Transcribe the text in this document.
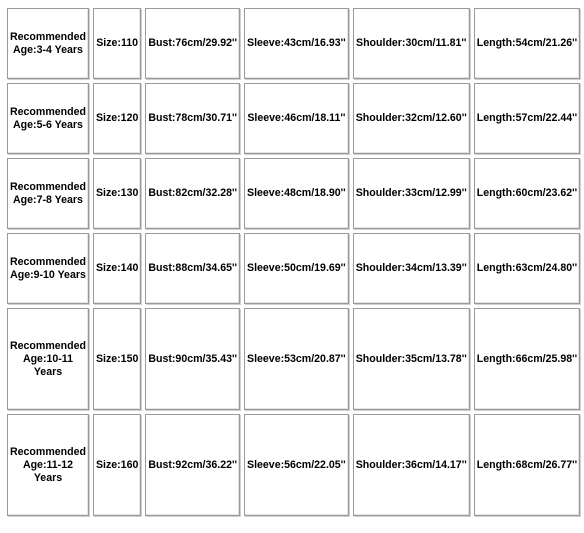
Recommended Age:3-4 Years	Size:110	Bust:76cm/29.92''	Sleeve:43cm/16.93''	Shoulder:30cm/11.81''	Length:54cm/21.26''
Recommended Age:5-6 Years	Size:120	Bust:78cm/30.71''	Sleeve:46cm/18.11''	Shoulder:32cm/12.60''	Length:57cm/22.44''
Recommended Age:7-8 Years	Size:130	Bust:82cm/32.28''	Sleeve:48cm/18.90''	Shoulder:33cm/12.99''	Length:60cm/23.62''
Recommended Age:9-10 Years	Size:140	Bust:88cm/34.65''	Sleeve:50cm/19.69''	Shoulder:34cm/13.39''	Length:63cm/24.80''
Recommended Age:10-11 Years	Size:150	Bust:90cm/35.43''	Sleeve:53cm/20.87''	Shoulder:35cm/13.78''	Length:66cm/25.98''
Recommended Age:11-12 Years	Size:160	Bust:92cm/36.22''	Sleeve:56cm/22.05''	Shoulder:36cm/14.17''	Length:68cm/26.77''
